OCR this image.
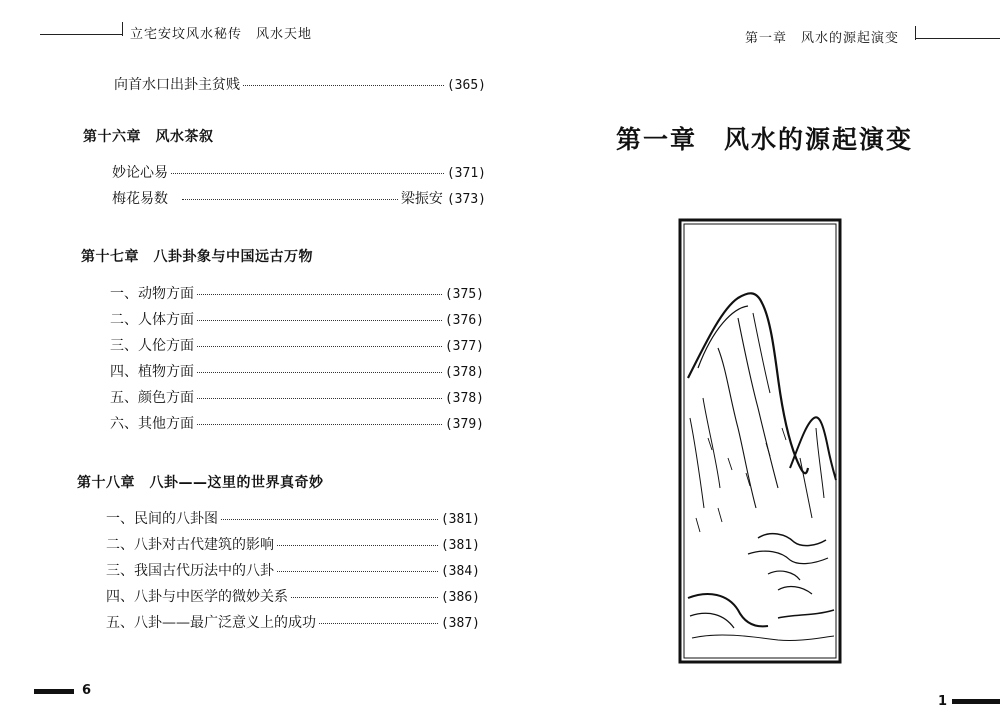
立宅安坟风水秘传　风水天地
向首水口出卦主贫贱	(365)
第十六章　风水茶叙
妙论心易	(371)
梅花易数	梁振安 (373)
第十七章　八卦卦象与中国远古万物
一、动物方面	(375)
二、人体方面	(376)
三、人伦方面	(377)
四、植物方面	(378)
五、颜色方面	(378)
六、其他方面	(379)
第十八章　八卦——这里的世界真奇妙
一、民间的八卦图	(381)
二、八卦对古代建筑的影响	(381)
三、我国古代历法中的八卦	(384)
四、八卦与中医学的微妙关系	(386)
五、八卦——最广泛意义上的成功	(387)
6
第一章　风水的源起演变
第一章　风水的源起演变
1
